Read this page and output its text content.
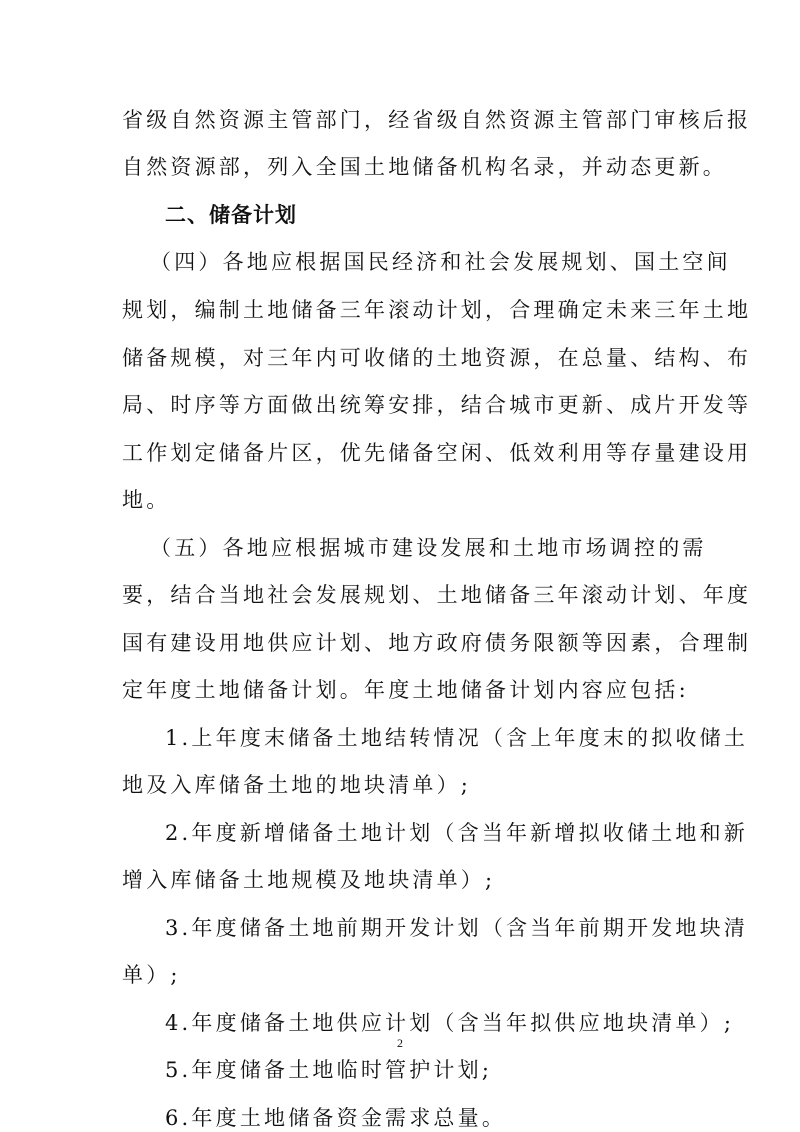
省级自然资源主管部门，经省级自然资源主管部门审核后报
自然资源部，列入全国土地储备机构名录，并动态更新。
二、储备计划
（四）各地应根据国民经济和社会发展规划、国土空间
规划，编制土地储备三年滚动计划，合理确定未来三年土地
储备规模，对三年内可收储的土地资源，在总量、结构、布
局、时序等方面做出统筹安排，结合城市更新、成片开发等
工作划定储备片区，优先储备空闲、低效利用等存量建设用
地。
（五）各地应根据城市建设发展和土地市场调控的需
要，结合当地社会发展规划、土地储备三年滚动计划、年度
国有建设用地供应计划、地方政府债务限额等因素，合理制
定年度土地储备计划。年度土地储备计划内容应包括:
1.上年度末储备土地结转情况（含上年度末的拟收储土
地及入库储备土地的地块清单）;
2.年度新增储备土地计划（含当年新增拟收储土地和新
增入库储备土地规模及地块清单）;
3.年度储备土地前期开发计划（含当年前期开发地块清
单）;
4.年度储备土地供应计划（含当年拟供应地块清单）;
5.年度储备土地临时管护计划;
6.年度土地储备资金需求总量。
2
